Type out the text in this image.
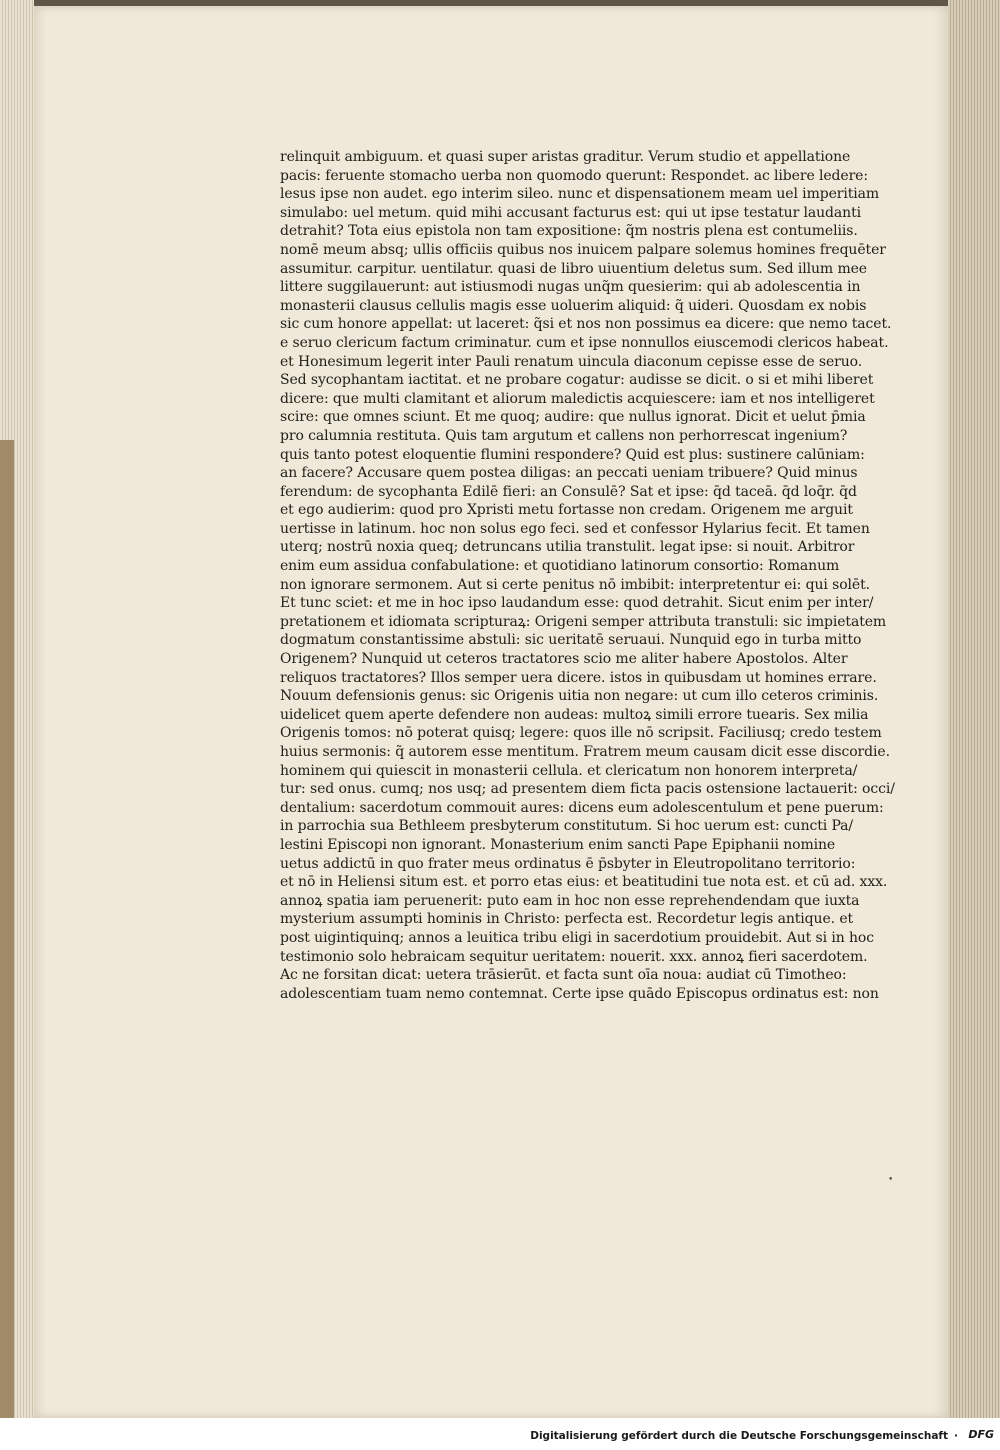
relinquit ambiguum. et quasi super aristas graditur. Verum studio et appellatione
pacis: feruente stomacho uerba non quomodo querunt: Respondet. ac libere ledere:
lesus ipse non audet. ego interim sileo. nunc et dispensationem meam uel imperitiam
simulabo: uel metum. quid mihi accusant facturus est: qui ut ipse testatur laudanti
detrahit? Tota eius epistola non tam expositione: q̃m nostris plena est contumeliis.
nomē meum absq; ullis officiis quibus nos inuicem palpare solemus homines frequēter
assumitur. carpitur. uentilatur. quasi de libro uiuentium deletus sum. Sed illum mee
littere suggilauerunt: aut istiusmodi nugas unq̃m quesierim: qui ab adolescentia in
monasterii clausus cellulis magis esse uoluerim aliquid: q̃ uideri. Quosdam ex nobis
sic cum honore appellat: ut laceret: q̃si et nos non possimus ea dicere: que nemo tacet.
e seruo clericum factum criminatur. cum et ipse nonnullos eiuscemodi clericos habeat.
et Honesimum legerit inter Pauli renatum uincula diaconum cepisse esse de seruo.
Sed sycophantam iactitat. et ne probare cogatur: audisse se dicit. o si et mihi liberet
dicere: que multi clamitant et aliorum maledictis acquiescere: iam et nos intelligeret
scire: que omnes sciunt. Et me quoq; audire: que nullus ignorat. Dicit et uelut p̄mia
pro calumnia restituta. Quis tam argutum et callens non perhorrescat ingenium?
quis tanto potest eloquentie flumini respondere? Quid est plus: sustinere calūniam:
an facere? Accusare quem postea diligas: an peccati ueniam tribuere? Quid minus
ferendum: de sycophanta Edilē fieri: an Consulē? Sat et ipse: q̄d taceā. q̄d loq̄r. q̄d
et ego audierim: quod pro Xpristi metu fortasse non credam. Origenem me arguit
uertisse in latinum. hoc non solus ego feci. sed et confessor Hylarius fecit. Et tamen
uterq; nostrū noxia queq; detruncans utilia transtulit. legat ipse: si nouit. Arbitror
enim eum assidua confabulatione: et quotidiano latinorum consortio: Romanum
non ignorare sermonem. Aut si certe penitus nō imbibit: interpretentur ei: qui solēt.
Et tunc sciet: et me in hoc ipso laudandum esse: quod detrahit. Sicut enim per inter/
pretationem et idiomata scripturaꝝ: Origeni semper attributa transtuli: sic impietatem
dogmatum constantissime abstuli: sic ueritatē seruaui. Nunquid ego in turba mitto
Origenem? Nunquid ut ceteros tractatores scio me aliter habere Apostolos. Alter
reliquos tractatores? Illos semper uera dicere. istos in quibusdam ut homines errare.
Nouum defensionis genus: sic Origenis uitia non negare: ut cum illo ceteros criminis.
uidelicet quem aperte defendere non audeas: multoꝝ simili errore tuearis. Sex milia
Origenis tomos: nō poterat quisq; legere: quos ille nō scripsit. Faciliusq; credo testem
huius sermonis: q̃ autorem esse mentitum. Fratrem meum causam dicit esse discordie.
hominem qui quiescit in monasterii cellula. et clericatum non honorem interpreta/
tur: sed onus. cumq; nos usq; ad presentem diem ficta pacis ostensione lactauerit: occi/
dentalium: sacerdotum commouit aures: dicens eum adolescentulum et pene puerum:
in parrochia sua Bethleem presbyterum constitutum. Si hoc uerum est: cuncti Pa/
lestini Episcopi non ignorant. Monasterium enim sancti Pape Epiphanii nomine
uetus addictū in quo frater meus ordinatus ē p̄sbyter in Eleutropolitano territorio:
et nō in Heliensi situm est. et porro etas eius: et beatitudini tue nota est. et cū ad. xxx.
annoꝝ spatia iam peruenerit: puto eam in hoc non esse reprehendendam que iuxta
mysterium assumpti hominis in Christo: perfecta est. Recordetur legis antique. et
post uigintiquinq; annos a leuitica tribu eligi in sacerdotium prouidebit. Aut si in hoc
testimonio solo hebraicam sequitur ueritatem: nouerit. xxx. annoꝝ fieri sacerdotem.
Ac ne forsitan dicat: uetera trāsierūt. et facta sunt oīa noua: audiat cū Timotheo:
adolescentiam tuam nemo contemnat. Certe ipse quādo Episcopus ordinatus est: non
•
Digitalisierung gefördert durch die Deutsche Forschungsgemeinschaft · DFG
